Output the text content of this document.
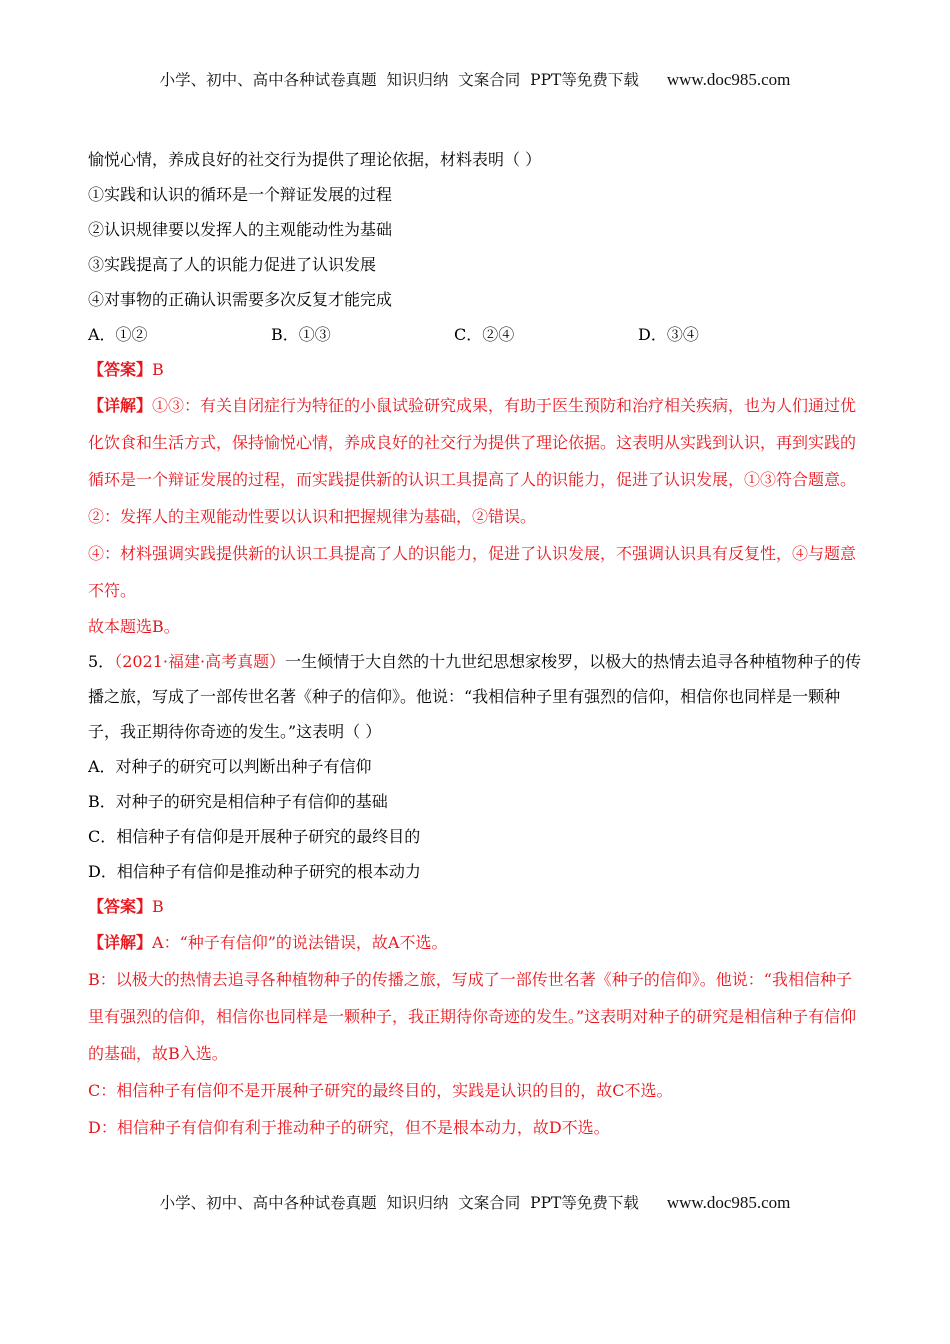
小学、初中、高中各种试卷真题  知识归纳  文案合同  PPT等免费下载 www.doc985.com
愉悦心情，养成良好的社交行为提供了理论依据，材料表明（ ）
①实践和认识的循环是一个辩证发展的过程
②认识规律要以发挥人的主观能动性为基础
③实践提高了人的识能力促进了认识发展
④对事物的正确认识需要多次反复才能完成
A．①②	B．①③	C．②④	D．③④
【答案】B
【详解】①③：有关自闭症行为特征的小鼠试验研究成果，有助于医生预防和治疗相关疾病，也为人们通过优化饮食和生活方式，保持愉悦心情，养成良好的社交行为提供了理论依据。这表明从实践到认识，再到实践的循环是一个辩证发展的过程，而实践提供新的认识工具提高了人的识能力，促进了认识发展，①③符合题意。
②：发挥人的主观能动性要以认识和把握规律为基础，②错误。
④：材料强调实践提供新的认识工具提高了人的识能力，促进了认识发展，不强调认识具有反复性，④与题意不符。
故本题选B。
5．（2021·福建·高考真题）一生倾情于大自然的十九世纪思想家梭罗，以极大的热情去追寻各种植物种子的传播之旅，写成了一部传世名著《种子的信仰》。他说：“我相信种子里有强烈的信仰，相信你也同样是一颗种子，我正期待你奇迹的发生。”这表明（ ）
A．对种子的研究可以判断出种子有信仰
B．对种子的研究是相信种子有信仰的基础
C．相信种子有信仰是开展种子研究的最终目的
D．相信种子有信仰是推动种子研究的根本动力
【答案】B
【详解】A：“种子有信仰”的说法错误，故A不选。
B：以极大的热情去追寻各种植物种子的传播之旅，写成了一部传世名著《种子的信仰》。他说：“我相信种子里有强烈的信仰，相信你也同样是一颗种子，我正期待你奇迹的发生。”这表明对种子的研究是相信种子有信仰的基础，故B入选。
C：相信种子有信仰不是开展种子研究的最终目的，实践是认识的目的，故C不选。
D：相信种子有信仰有利于推动种子的研究，但不是根本动力，故D不选。
小学、初中、高中各种试卷真题  知识归纳  文案合同  PPT等免费下载 www.doc985.com
